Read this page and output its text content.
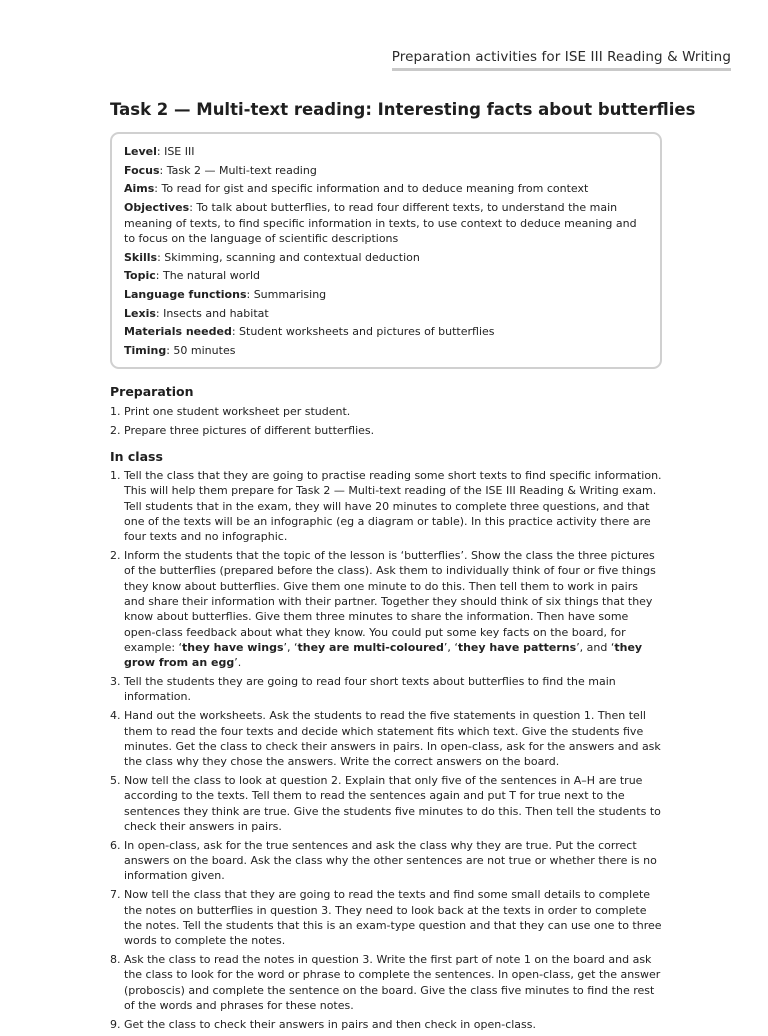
Preparation activities for ISE III Reading & Writing
Task 2 — Multi-text reading: Interesting facts about butterflies
Level: ISE III
Focus: Task 2 — Multi-text reading
Aims: To read for gist and specific information and to deduce meaning from context
Objectives: To talk about butterflies, to read four different texts, to understand the main meaning of texts, to find specific information in texts, to use context to deduce meaning and to focus on the language of scientific descriptions
Skills: Skimming, scanning and contextual deduction
Topic: The natural world
Language functions: Summarising
Lexis: Insects and habitat
Materials needed: Student worksheets and pictures of butterflies
Timing: 50 minutes
Preparation
1. Print one student worksheet per student.
2. Prepare three pictures of different butterflies.
In class
1. Tell the class that they are going to practise reading some short texts to find specific information. This will help them prepare for Task 2 — Multi-text reading of the ISE III Reading & Writing exam. Tell students that in the exam, they will have 20 minutes to complete three questions, and that one of the texts will be an infographic (eg a diagram or table). In this practice activity there are four texts and no infographic.
2. Inform the students that the topic of the lesson is ‘butterflies’. Show the class the three pictures of the butterflies (prepared before the class). Ask them to individually think of four or five things they know about butterflies. Give them one minute to do this. Then tell them to work in pairs and share their information with their partner. Together they should think of six things that they know about butterflies. Give them three minutes to share the information. Then have some open-class feedback about what they know. You could put some key facts on the board, for example: ‘they have wings’, ‘they are multi-coloured’, ‘they have patterns’, and ‘they grow from an egg’.
3. Tell the students they are going to read four short texts about butterflies to find the main information.
4. Hand out the worksheets. Ask the students to read the five statements in question 1. Then tell them to read the four texts and decide which statement fits which text. Give the students five minutes. Get the class to check their answers in pairs. In open-class, ask for the answers and ask the class why they chose the answers. Write the correct answers on the board.
5. Now tell the class to look at question 2. Explain that only five of the sentences in A–H are true according to the texts. Tell them to read the sentences again and put T for true next to the sentences they think are true. Give the students five minutes to do this. Then tell the students to check their answers in pairs.
6. In open-class, ask for the true sentences and ask the class why they are true. Put the correct answers on the board. Ask the class why the other sentences are not true or whether there is no information given.
7. Now tell the class that they are going to read the texts and find some small details to complete the notes on butterflies in question 3. They need to look back at the texts in order to complete the notes. Tell the students that this is an exam-type question and that they can use one to three words to complete the notes.
8. Ask the class to read the notes in question 3. Write the first part of note 1 on the board and ask the class to look for the word or phrase to complete the sentences. In open-class, get the answer (proboscis) and complete the sentence on the board. Give the class five minutes to find the rest of the words and phrases for these notes.
9. Get the class to check their answers in pairs and then check in open-class.
